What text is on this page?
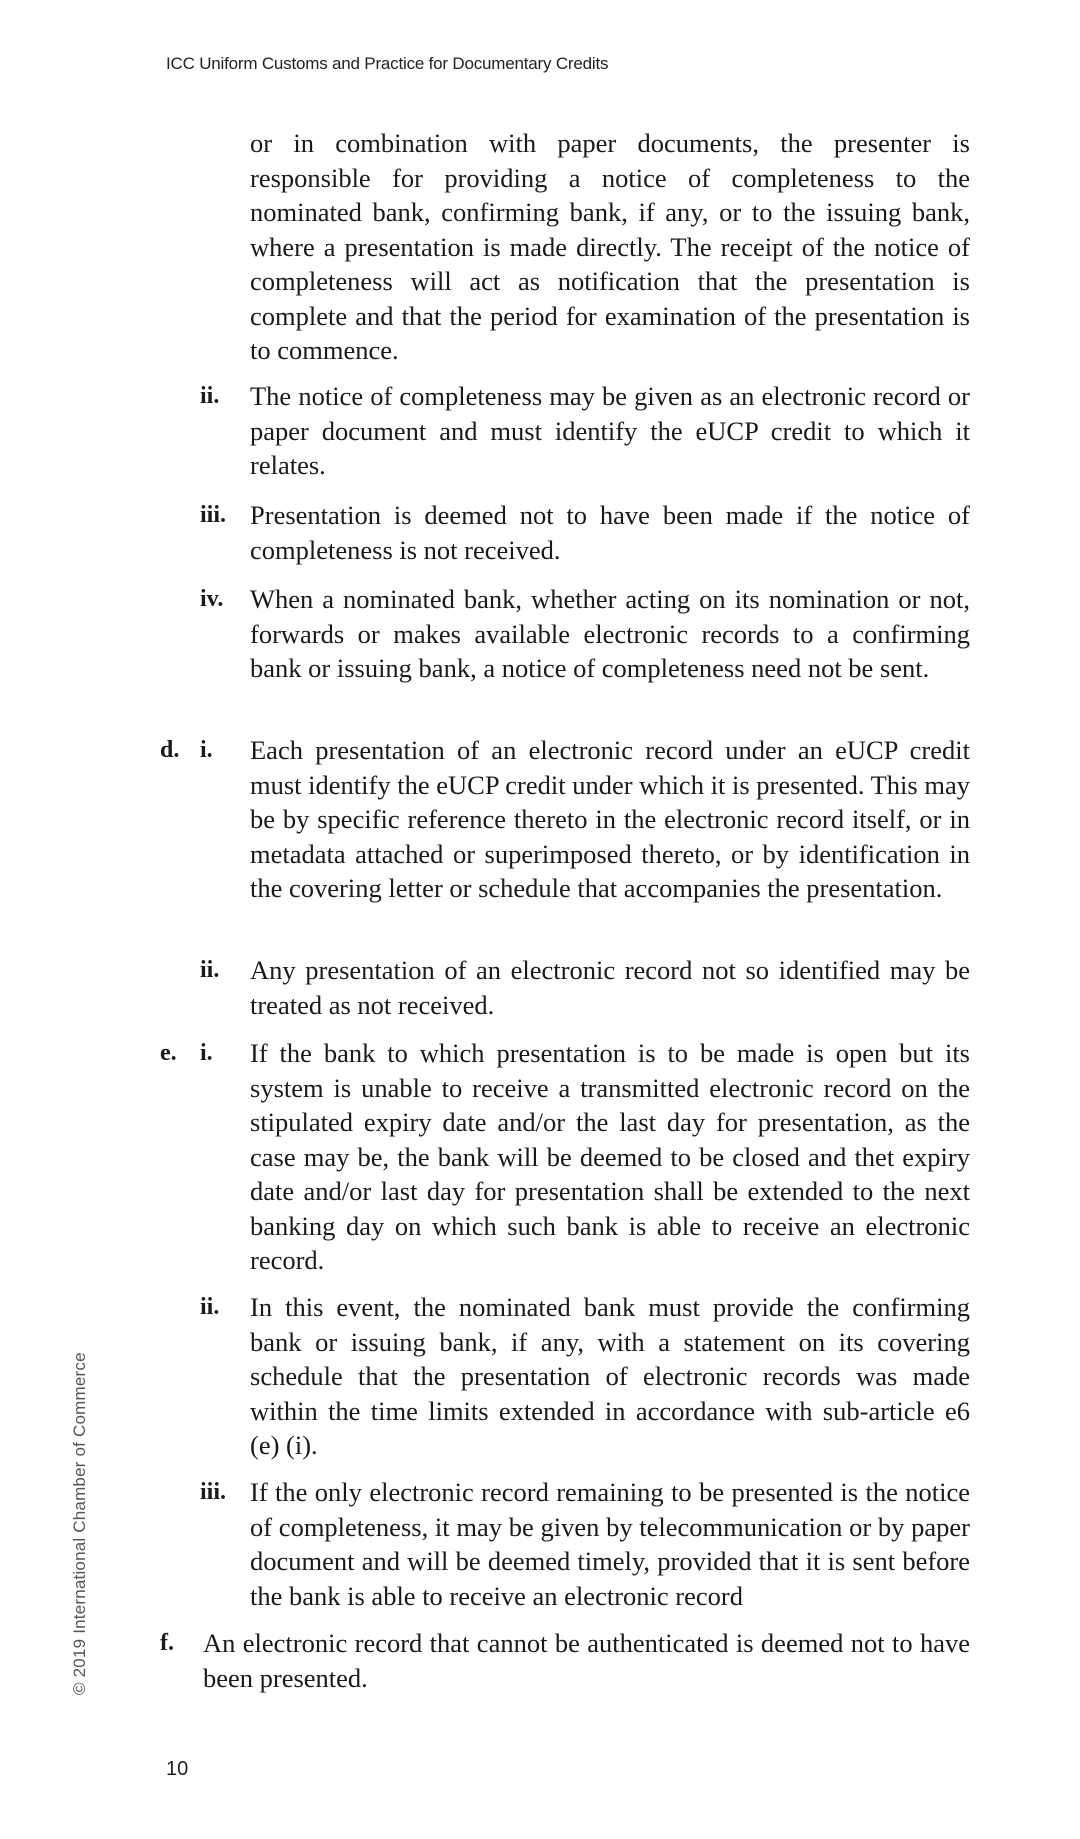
ICC Uniform Customs and Practice for Documentary Credits
© 2019 International Chamber of Commerce
or in combination with paper documents, the presenter is responsible for providing a notice of completeness to the nominated bank, confirming bank, if any, or to the issuing bank, where a presentation is made directly. The receipt of the notice of completeness will act as notification that the presentation is complete and that the period for examination of the presentation is to commence.
ii. The notice of completeness may be given as an electronic record or paper document and must identify the eUCP credit to which it relates.
iii. Presentation is deemed not to have been made if the notice of completeness is not received.
iv. When a nominated bank, whether acting on its nomination or not, forwards or makes available electronic records to a confirming bank or issuing bank, a notice of completeness need not be sent.
d. i. Each presentation of an electronic record under an eUCP credit must identify the eUCP credit under which it is presented. This may be by specific reference thereto in the electronic record itself, or in metadata attached or superimposed thereto, or by identification in the covering letter or schedule that accompanies the presentation.
ii. Any presentation of an electronic record not so identified may be treated as not received.
e. i. If the bank to which presentation is to be made is open but its system is unable to receive a transmitted electronic record on the stipulated expiry date and/or the last day for presentation, as the case may be, the bank will be deemed to be closed and thet expiry date and/or last day for presentation shall be extended to the next banking day on which such bank is able to receive an electronic record.
ii. In this event, the nominated bank must provide the confirming bank or issuing bank, if any, with a statement on its covering schedule that the presentation of electronic records was made within the time limits extended in accordance with sub-article e6 (e) (i).
iii. If the only electronic record remaining to be presented is the notice of completeness, it may be given by telecommunication or by paper document and will be deemed timely, provided that it is sent before the bank is able to receive an electronic record
f. An electronic record that cannot be authenticated is deemed not to have been presented.
10
